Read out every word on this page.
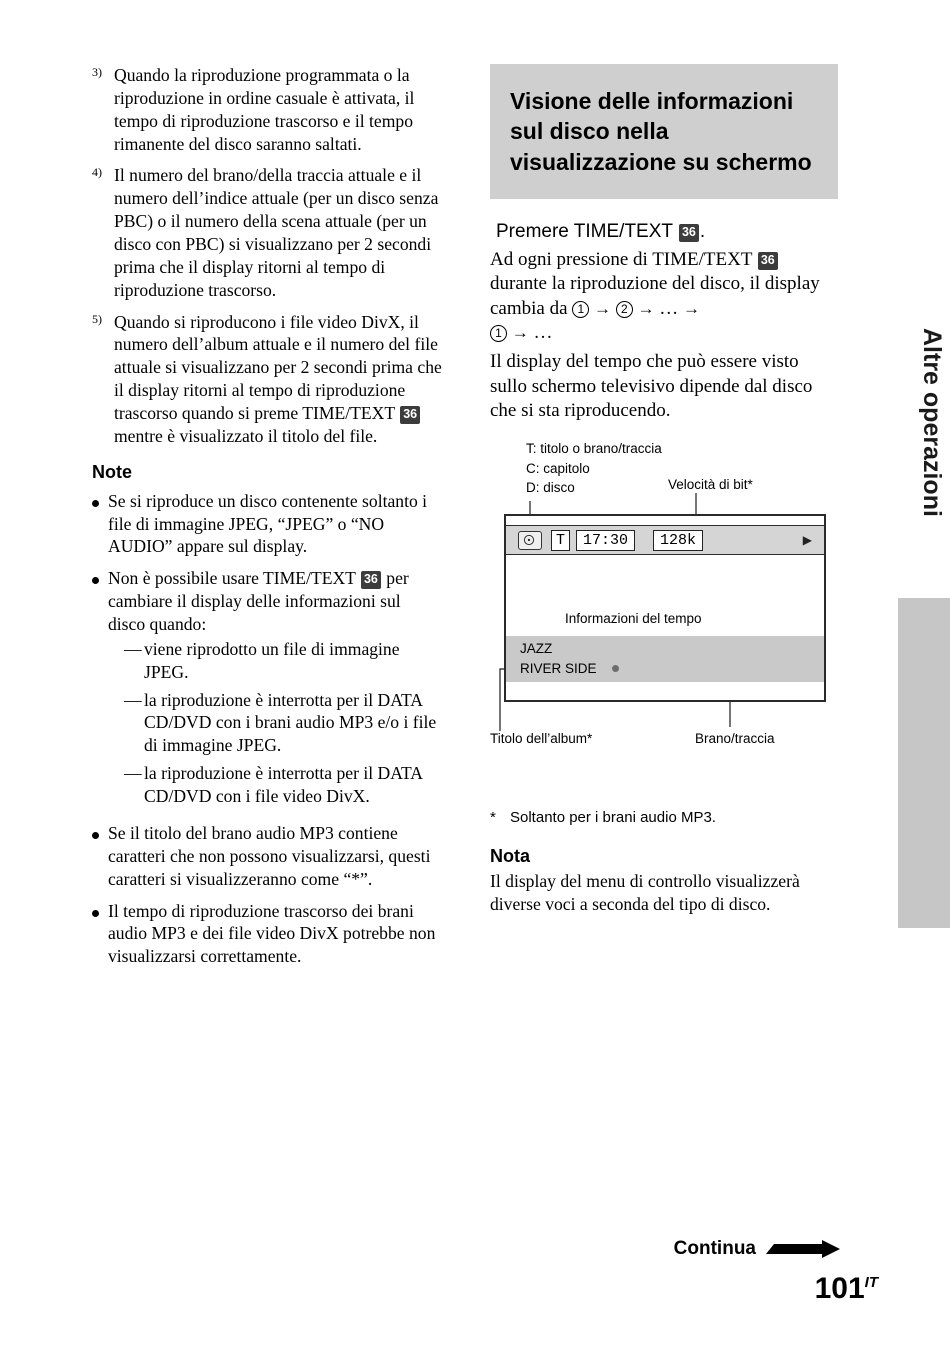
3) Quando la riproduzione programmata o la riproduzione in ordine casuale è attivata, il tempo di riproduzione trascorso e il tempo rimanente del disco saranno saltati.
4) Il numero del brano/della traccia attuale e il numero dell’indice attuale (per un disco senza PBC) o il numero della scena attuale (per un disco con PBC) si visualizzano per 2 secondi prima che il display ritorni al tempo di riproduzione trascorso.
5) Quando si riproducono i file video DivX, il numero dell’album attuale e il numero del file attuale si visualizzano per 2 secondi prima che il display ritorni al tempo di riproduzione trascorso quando si preme TIME/TEXT 36 mentre è visualizzato il titolo del file.
Note
Se si riproduce un disco contenente soltanto i file di immagine JPEG, “JPEG” o “NO AUDIO” appare sul display.
Non è possibile usare TIME/TEXT 36 per cambiare il display delle informazioni sul disco quando:
— viene riprodotto un file di immagine JPEG.
— la riproduzione è interrotta per il DATA CD/DVD con i brani audio MP3 e/o i file di immagine JPEG.
— la riproduzione è interrotta per il DATA CD/DVD con i file video DivX.
Se il titolo del brano audio MP3 contiene caratteri che non possono visualizzarsi, questi caratteri si visualizzeranno come “*”.
Il tempo di riproduzione trascorso dei brani audio MP3 e dei file video DivX potrebbe non visualizzarsi correttamente.
Visione delle informazioni sul disco nella visualizzazione su schermo
Premere TIME/TEXT 36 .
Ad ogni pressione di TIME/TEXT 36 durante la riproduzione del disco, il display cambia da 1 → 2 → … →
1 → …
Il display del tempo che può essere visto sullo schermo televisivo dipende dal disco che si sta riproducendo.
T: titolo o brano/traccia
C: capitolo
D: disco	Velocità di bit*
T	17:30	128k	▶
JAZZ
RIVER SIDE
Informazioni del tempo
Titolo dell’album*	Brano/traccia
* Soltanto per i brani audio MP3.
Nota
Il display del menu di controllo visualizzerà diverse voci a seconda del tipo di disco.
Altre operazioni
Continua
$101^{IT}$
